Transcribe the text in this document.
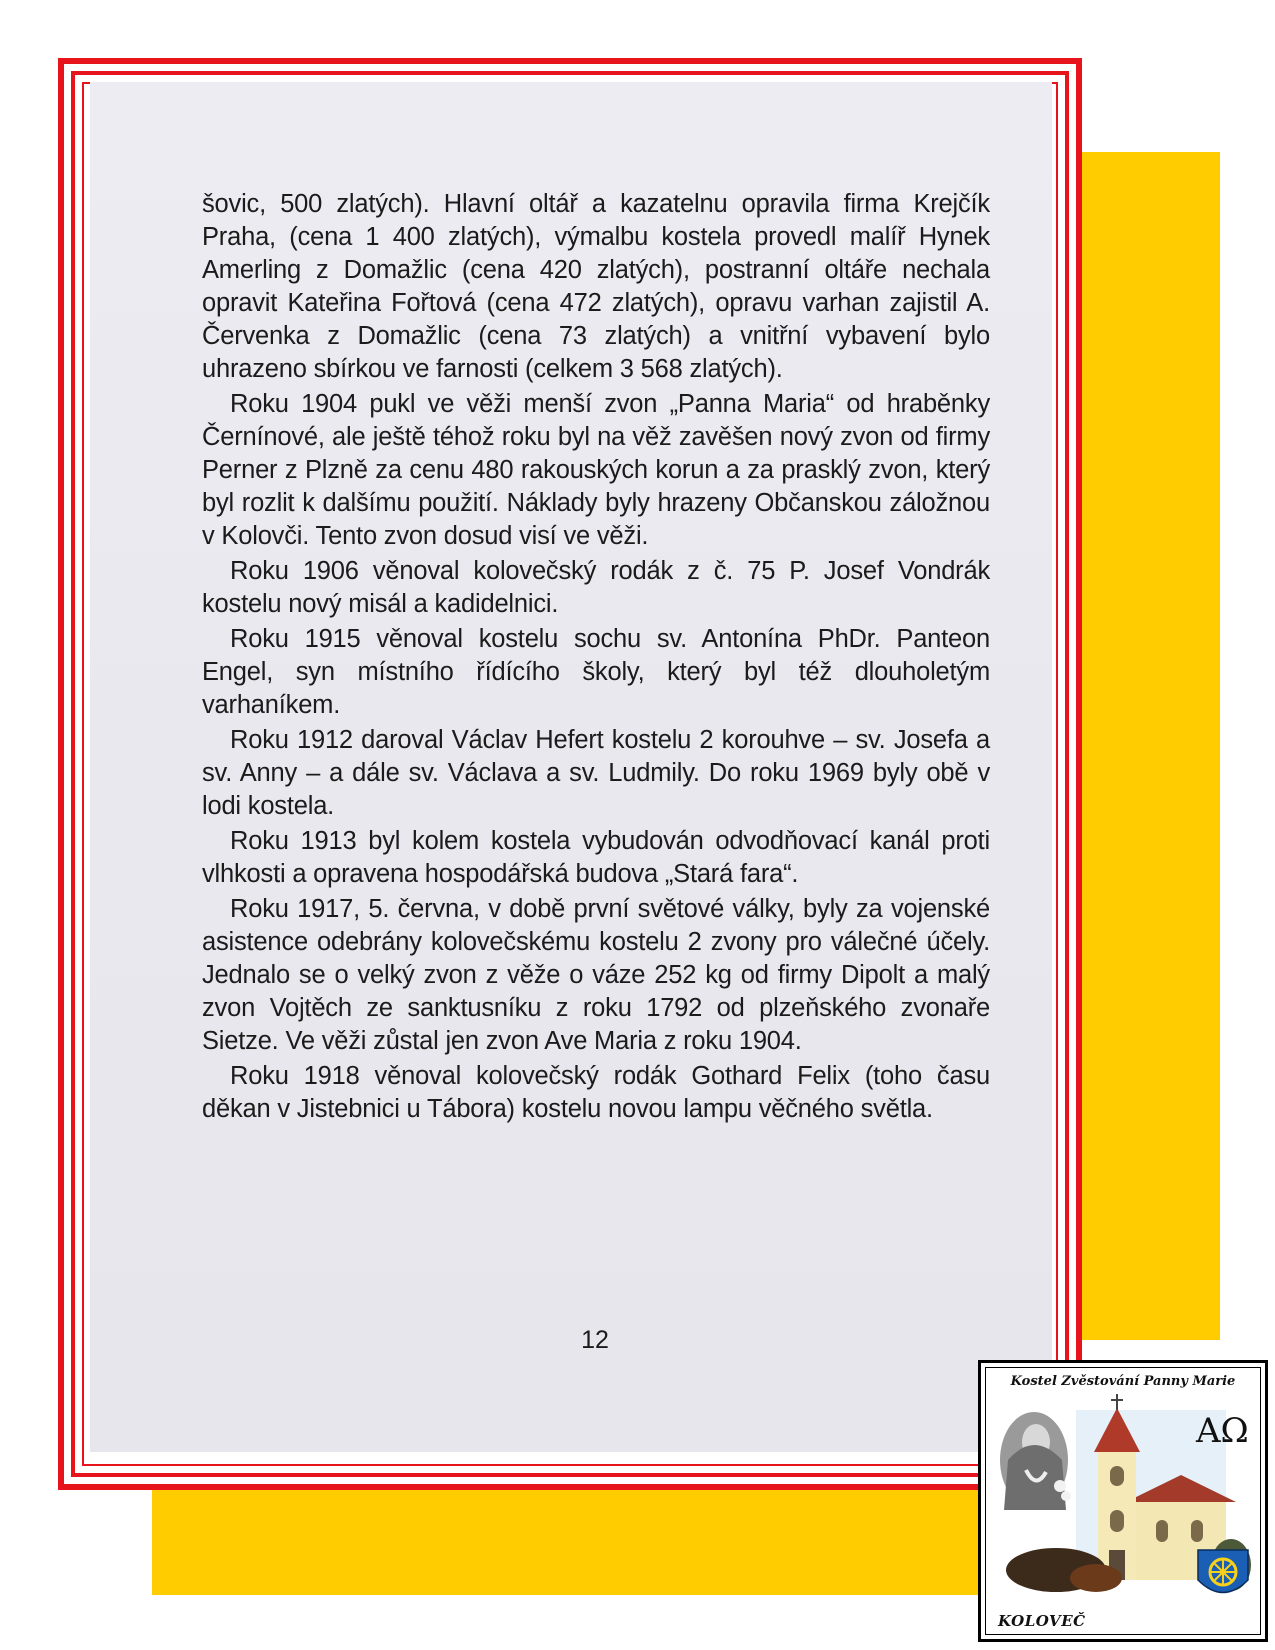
šovic, 500 zlatých). Hlavní oltář a kazatelnu opravila firma Krejčík Praha, (cena 1 400 zlatých), výmalbu kostela provedl malíř Hynek Amerling z Domažlic (cena 420 zlatých), postranní oltáře nechala opravit Kateřina Fořtová (cena 472 zlatých), opravu varhan zajistil A. Červenka z Domažlic (cena 73 zlatých) a vnitřní vybavení bylo uhrazeno sbírkou ve farnosti (celkem 3 568 zlatých).

Roku 1904 pukl ve věži menší zvon „Panna Maria“ od hraběnky Černínové, ale ještě téhož roku byl na věž zavěšen nový zvon od firmy Perner z Plzně za cenu 480 rakouských korun a za prasklý zvon, který byl rozlit k dalšímu použití. Náklady byly hrazeny Občanskou záložnou v Kolovči. Tento zvon dosud visí ve věži.

Roku 1906 věnoval kolovečský rodák z č. 75 P. Josef Vondrák kostelu nový misál a kadidelnici.

Roku 1915 věnoval kostelu sochu sv. Antonína PhDr. Panteon Engel, syn místního řídícího školy, který byl též dlouholetým varhaníkem.

Roku 1912 daroval Václav Hefert kostelu 2 korouhve – sv. Josefa a sv. Anny – a dále sv. Václava a sv. Ludmily. Do roku 1969 byly obě v lodi kostela.

Roku 1913 byl kolem kostela vybudován odvodňovací kanál proti vlhkosti a opravena hospodářská budova „Stará fara“.

Roku 1917, 5. června, v době první světové války, byly za vojenské asistence odebrány kolovečskému kostelu 2 zvony pro válečné účely. Jednalo se o velký zvon z věže o váze 252 kg od firmy Dipolt a malý zvon Vojtěch ze sanktusníku z roku 1792 od plzeňského zvonaře Sietze. Ve věži zůstal jen zvon Ave Maria z roku 1904.

Roku 1918 věnoval kolovečský rodák Gothard Felix (toho času děkan v Jistebnici u Tábora) kostelu novou lampu věčného světla.

12
Kostel Zvěstování Panny Marie
AΩ
KOLOVEČ
